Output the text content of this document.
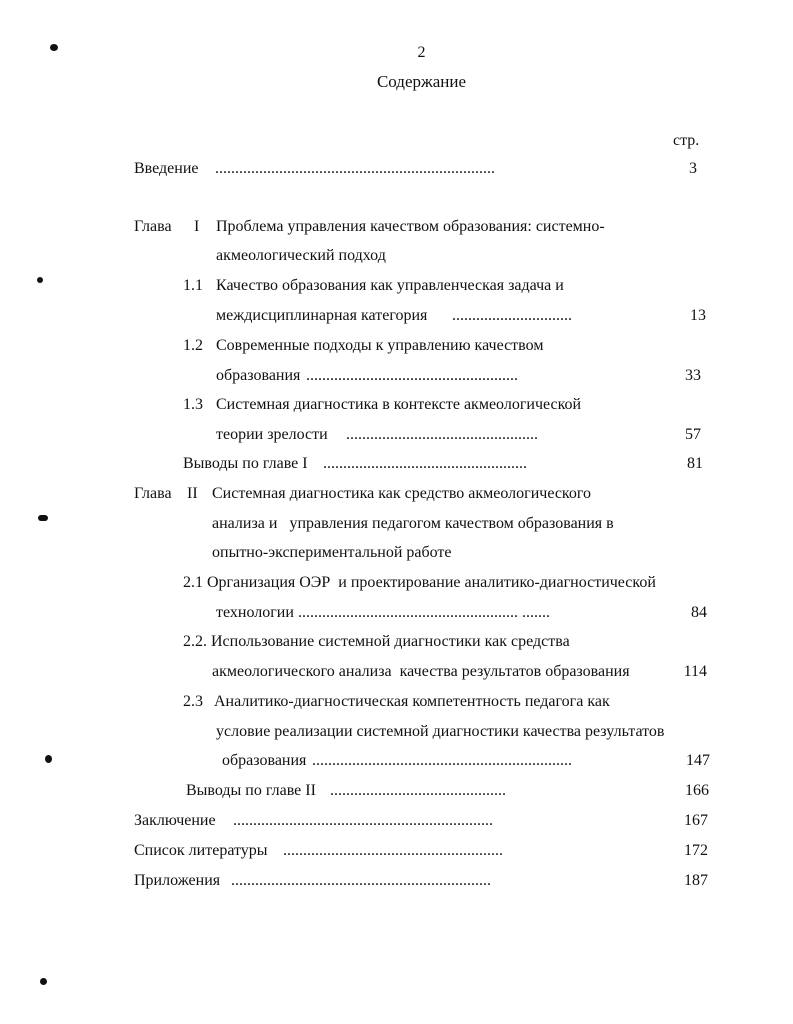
2
Содержание
стр.
Введение ......................................................................	3
Глава I Проблема управления качеством образования: системно-
акмеологический подход
1.1 Качество образования как управленческая задача и
междисциплинарная категория ..............................	13
1.2 Современные подходы к управлению качеством
образования .....................................................	33
1.3 Системная диагностика в контексте акмеологической
теории зрелости ................................................	57
Выводы по главе I ...................................................	81
Глава II Системная диагностика как средство акмеологического
анализа и   управления педагогом качеством образования в
опытно-экспериментальной работе
2.1 Организация ОЭР  и проектирование аналитико-диагностической
технологии ....................................................... .......	84
2.2. Использование системной диагностики как средства
акмеологического анализа  качества результатов образования	114
2.3 Аналитико-диагностическая компетентность педагога как
условие реализации системной диагностики качества результатов
образования .................................................................	147
Выводы по главе II ............................................	166
Заключение .................................................................	167
Список литературы .......................................................	172
Приложения .................................................................	187
